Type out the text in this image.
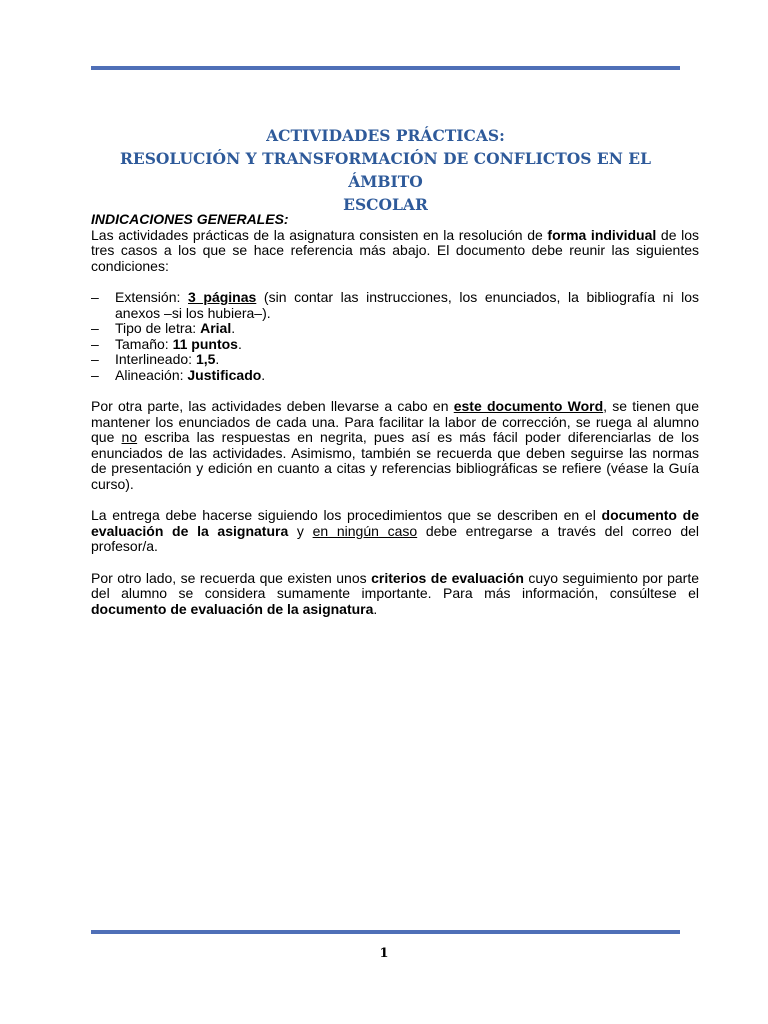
ACTIVIDADES PRÁCTICAS:
RESOLUCIÓN Y TRANSFORMACIÓN DE CONFLICTOS EN EL ÁMBITO
ESCOLAR

INDICACIONES GENERALES:

Las actividades prácticas de la asignatura consisten en la resolución de forma individual de los tres casos a los que se hace referencia más abajo. El documento debe reunir las siguientes condiciones:

– Extensión: 3 páginas (sin contar las instrucciones, los enunciados, la bibliografía ni los anexos –si los hubiera–).
– Tipo de letra: Arial.
– Tamaño: 11 puntos.
– Interlineado: 1,5.
– Alineación: Justificado.

Por otra parte, las actividades deben llevarse a cabo en este documento Word, se tienen que mantener los enunciados de cada una. Para facilitar la labor de corrección, se ruega al alumno que no escriba las respuestas en negrita, pues así es más fácil poder diferenciarlas de los enunciados de las actividades. Asimismo, también se recuerda que deben seguirse las normas de presentación y edición en cuanto a citas y referencias bibliográficas se refiere (véase la Guía curso).

La entrega debe hacerse siguiendo los procedimientos que se describen en el documento de evaluación de la asignatura y en ningún caso debe entregarse a través del correo del profesor/a.

Por otro lado, se recuerda que existen unos criterios de evaluación cuyo seguimiento por parte del alumno se considera sumamente importante. Para más información, consúltese el documento de evaluación de la asignatura.

1
